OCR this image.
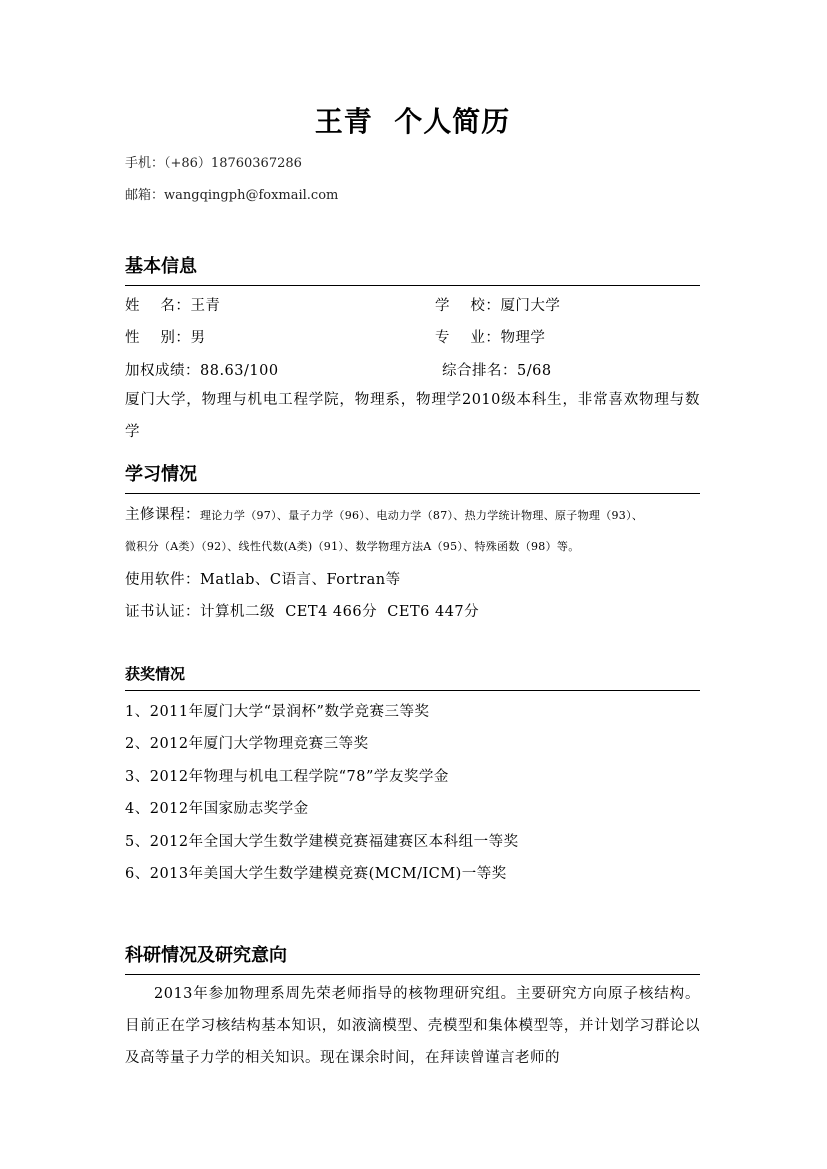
王青  个人简历
手机：（+86）18760367286
邮箱：wangqingph@foxmail.com
基本信息
姓    名：王青	学    校：厦门大学
性    别：男	专    业：物理学
加权成绩：88.63/100	综合排名：5/68
厦门大学，物理与机电工程学院，物理系，物理学2010级本科生，非常喜欢物理与数学
学习情况
主修课程：理论力学（97）、量子力学（96）、电动力学（87）、热力学统计物理、原子物理（93）、
微积分（A类）（92）、线性代数(A类)（91）、数学物理方法A（95）、特殊函数（98）等。
使用软件：Matlab、C语言、Fortran等
证书认证：计算机二级  CET4 466分  CET6 447分
获奖情况
1、2011年厦门大学“景润杯”数学竞赛三等奖
2、2012年厦门大学物理竞赛三等奖
3、2012年物理与机电工程学院“78”学友奖学金
4、2012年国家励志奖学金
5、2012年全国大学生数学建模竞赛福建赛区本科组一等奖
6、2013年美国大学生数学建模竞赛(MCM/ICM)一等奖
科研情况及研究意向
2013年参加物理系周先荣老师指导的核物理研究组。主要研究方向原子核结构。目前正在学习核结构基本知识，如液滴模型、壳模型和集体模型等，并计划学习群论以及高等量子力学的相关知识。现在课余时间，在拜读曾谨言老师的
